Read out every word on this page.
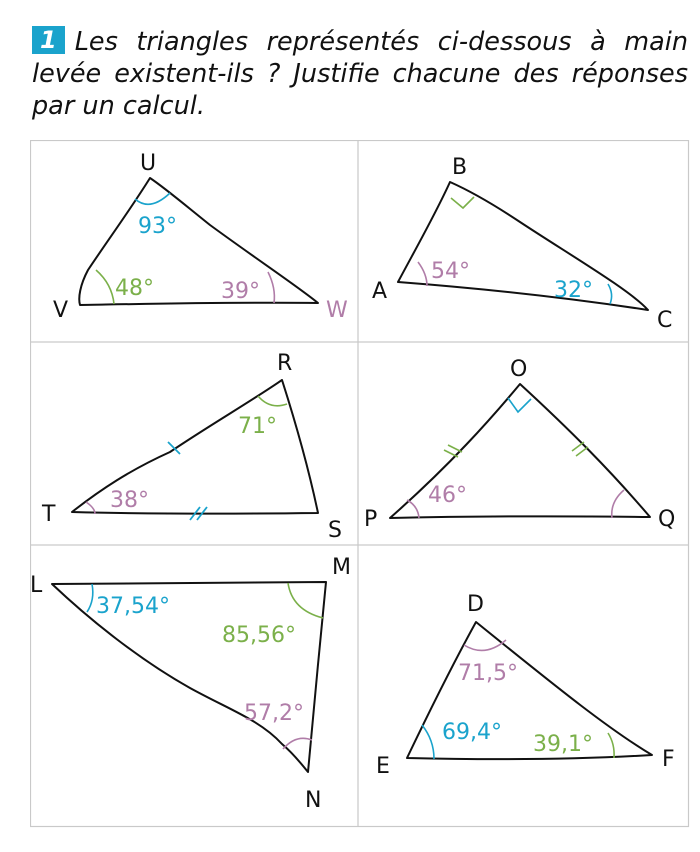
1 Les triangles représentés ci-dessous à main levée existent-ils ? Justifie chacune des réponses par un calcul.
U
V	W
93°
48°	39°
B
A
C
54°
32°
R
S
T
71°
38°
O
P	Q
46°
L
M
N
37,54°
85,56°
57,2°
D
E	F
71,5°
69,4° 39,1°
